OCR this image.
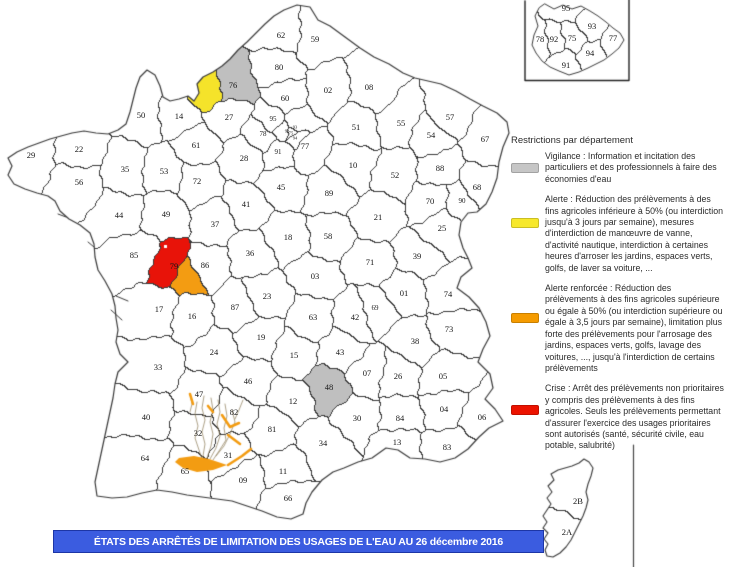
62	59
80
76
60
02	08
50	14	27	95
93
92 75
94
78
91
77
51	55
54
57
67
88
68
52
10
89
45
28
61
53
72
35
22
29
56
44	49
37
41
18	58
21
70	90
25
39
71
03
36
86
85
79
17
16
87
23
19
63	42
69
01	74
73
38
15	43
07	26	05
04
06
83
13
84
30
48
12
34
81
11
66
09
31
32
82
46
47
24
33
40
64
65
2B
2A
95
93
78 92 75	77
94
91
Restrictions par département

Vigilance : Information et incitation des particuliers et des professionnels à faire des économies d'eau

Alerte : Réduction des prélèvements à des fins agricoles inférieure à 50% (ou interdiction jusqu'à 3 jours par semaine), mesures d'interdiction de manœuvre de vanne, d'activité nautique, interdiction à certaines heures d'arroser les jardins, espaces verts, golfs, de laver sa voiture, ...

Alerte renforcée : Réduction des prélèvements à des fins agricoles supérieure ou égale à 50% (ou interdiction supérieure ou égale à 3,5 jours par semaine), limitation plus forte des prélèvements pour l'arrosage des jardins, espaces verts, golfs, lavage des voitures, ..., jusqu'à l'interdiction de certains prélèvements

Crise : Arrêt des prélèvements non prioritaires y compris des prélèvements à des fins agricoles. Seuls les prélèvements permettant d'assurer l'exercice des usages prioritaires sont autorisés (santé, sécurité civile, eau potable, salubrité)

ÉTATS DES ARRÊTÉS DE LIMITATION DES USAGES DE L'EAU AU 26 décembre 2016
